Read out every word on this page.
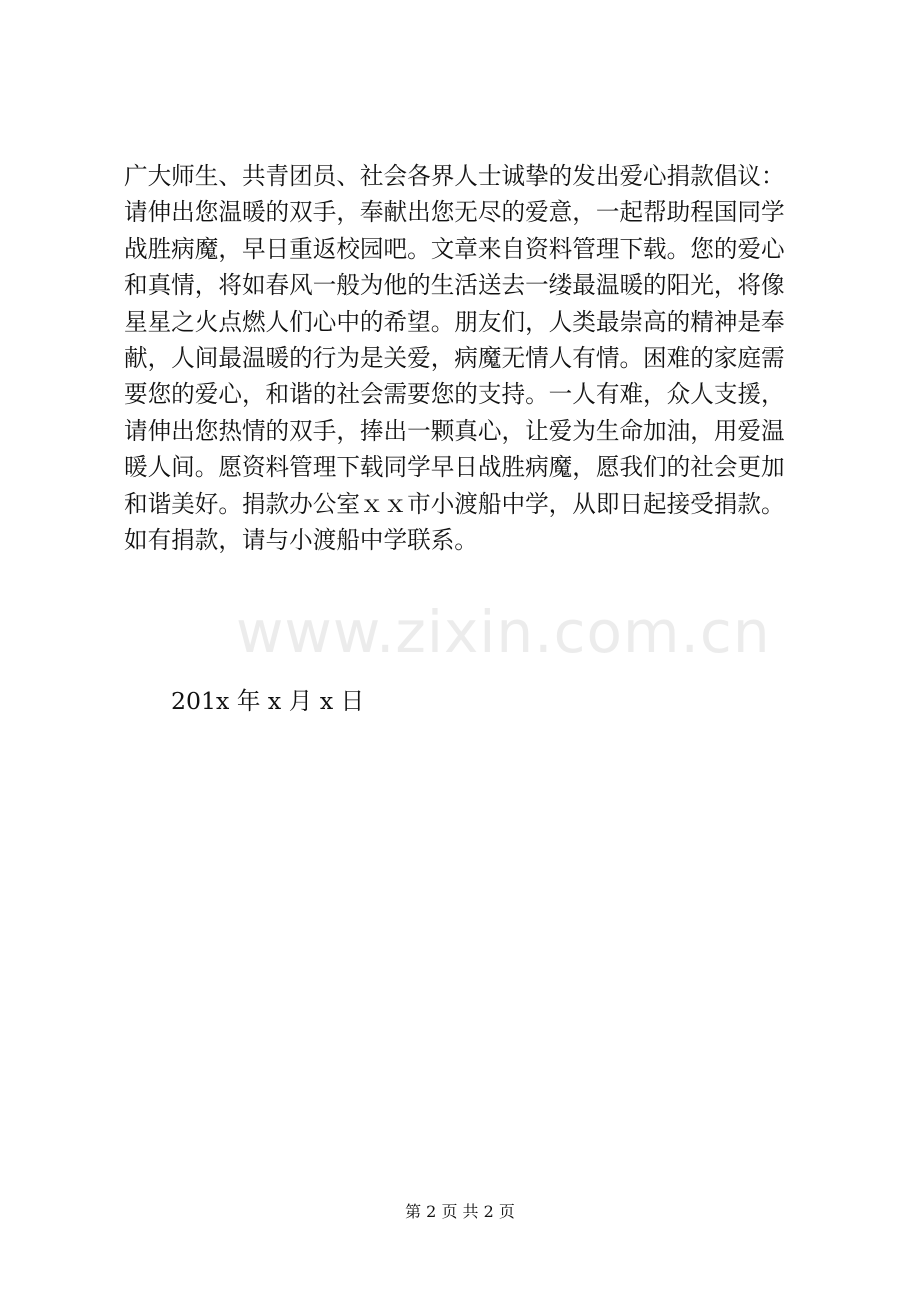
www.zixin.com.cn
广大师生、共青团员、社会各界人士诚挚的发出爱心捐款倡议：
请伸出您温暖的双手，奉献出您无尽的爱意，一起帮助程国同学
战胜病魔，早日重返校园吧。文章来自资料管理下载。您的爱心
和真情，将如春风一般为他的生活送去一缕最温暖的阳光，将像
星星之火点燃人们心中的希望。朋友们，人类最崇高的精神是奉
献，人间最温暖的行为是关爱，病魔无情人有情。困难的家庭需
要您的爱心，和谐的社会需要您的支持。一人有难，众人支援，
请伸出您热情的双手，捧出一颗真心，让爱为生命加油，用爱温
暖人间。愿资料管理下载同学早日战胜病魔，愿我们的社会更加
和谐美好。捐款办公室ｘｘ市小渡船中学，从即日起接受捐款。
如有捐款，请与小渡船中学联系。
201x 年 x 月 x 日
第 2 页 共 2 页
